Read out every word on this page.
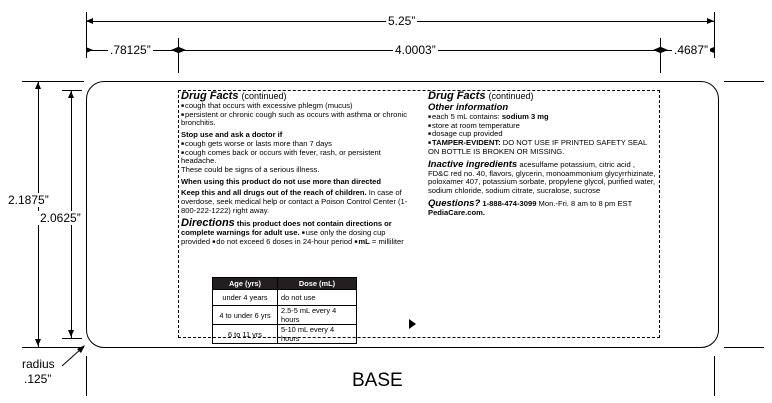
5.25”
.78125”	4.0003”	.4687”
2.1875”
2.0625”
radius
.125”

Drug Facts (continued)

■ cough that occurs with excessive phlegm (mucus)

■ persistent or chronic cough such as occurs with asthma or chronic bronchitis.

Stop use and ask a doctor if

■ cough gets worse or lasts more than 7 days

■ cough comes back or occurs with fever, rash, or persistent headache.

These could be signs of a serious illness.

When using this product do not use more than directed

Keep this and all drugs out of the reach of children. In case of overdose, seek medical help or contact a Poison Control Center (1-800-222-1222) right away.

Directions this product does not contain directions or complete warnings for adult use. ■ use only the dosing cup provided ■ do not exceed 6 doses in 24-hour period ■ mL = milliliter

Age (yrs)	Dose (mL)
under 4 years	do not use
4 to under 6 yrs	2.5-5 mL every 4 hours
6 to 11 yrs	5-10 mL every 4 hours

Drug Facts (continued)

Other information

■ each 5 mL contains: sodium 3 mg

■ store at room temperature

■ dosage cup provided

■ TAMPER-EVIDENT: DO NOT USE IF PRINTED SAFETY SEAL ON BOTTLE IS BROKEN OR MISSING.

Inactive ingredients acesulfame potassium, citric acid , FD&C red no. 40, flavors, glycerin, monoammonium glycyrrhizinate, poloxamer 407, potassium sorbate, propylene glycol, purified water, sodium chloride, sodium citrate, sucralose, sucrose

Questions? 1-888-474-3099 Mon.-Fri. 8 am to 8 pm EST

PediaCare.com.

BASE
